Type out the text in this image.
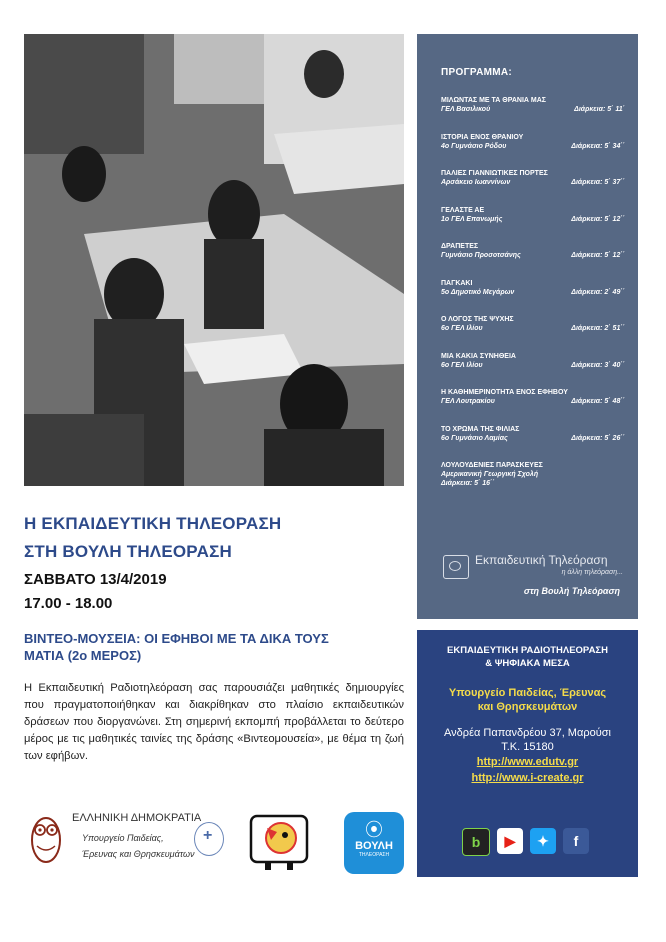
ΠΡΟΓΡΑΜΜΑ:
ΜΙΛΩΝΤΑΣ ΜΕ ΤΑ ΘΡΑΝΙΑ ΜΑΣ
ΓΕΛ Βασιλικού	Διάρκεια: 5΄ 11΄
ΙΣΤΟΡΙΑ ΕΝΟΣ ΘΡΑΝΙΟΥ
4ο Γυμνάσιο Ρόδου	Διάρκεια: 5΄ 34΄΄
ΠΑΛΙΕΣ ΓΙΑΝΝΙΩΤΙΚΕΣ ΠΟΡΤΕΣ
Αρσάκειο Ιωαννίνων	Διάρκεια: 5΄ 37΄΄
ΓΕΛΑΣΤΕ ΑΕ
1ο ΓΕΛ Επανωμής	Διάρκεια: 5΄ 12΄΄
ΔΡΑΠΕΤΕΣ
Γυμνάσιο Προσοτσάνης	Διάρκεια: 5΄ 12΄΄
ΠΑΓΚΑΚΙ
5ο Δημοτικό Μεγάρων	Διάρκεια: 2΄ 49΄΄
Ο ΛΟΓΟΣ ΤΗΣ ΨΥΧΗΣ
6ο ΓΕΛ Ιλίου	Διάρκεια: 2΄ 51΄΄
ΜΙΑ ΚΑΚΙΑ ΣΥΝΗΘΕΙΑ
6ο ΓΕΛ Ιλίου	Διάρκεια: 3΄ 40΄΄
Η ΚΑΘΗΜΕΡΙΝΟΤΗΤΑ ΕΝΟΣ ΕΦΗΒΟΥ
ΓΕΛ Λουτρακίου	Διάρκεια: 5΄ 48΄΄
ΤΟ ΧΡΩΜΑ ΤΗΣ ΦΙΛΙΑΣ
6ο Γυμνάσιο Λαμίας	Διάρκεια: 5΄ 26΄΄
ΛΟΥΛΟΥΔΕΝΙΕΣ ΠΑΡΑΣΚΕΥΕΣ
Αμερικανική Γεωργική Σχολή
Διάρκεια: 5΄ 16΄΄
Εκπαιδευτική Τηλεόραση
η άλλη τηλεόραση...
στη Βουλή Τηλεόραση
Η ΕΚΠΑΙΔΕΥΤΙΚΗ ΤΗΛΕΟΡΑΣΗ
ΣΤΗ ΒΟΥΛΗ ΤΗΛΕΟΡΑΣΗ
ΣΑΒΒΑΤΟ 13/4/2019
17.00 - 18.00
ΒΙΝΤΕΟ-ΜΟΥΣΕΙΑ: ΟΙ ΕΦΗΒΟΙ ΜΕ ΤΑ ΔΙΚΑ ΤΟΥΣ
ΜΑΤΙΑ (2ο ΜΕΡΟΣ)
Η Εκπαιδευτική Ραδιοτηλεόραση σας παρουσιάζει μαθητικές δημιουργίες που πραγματοποιήθηκαν και διακρίθηκαν στο πλαίσιο εκπαιδευτικών δράσεων που διοργανώνει. Στη σημερινή εκπομπή προβάλλεται το δεύτερο μέρος με τις μαθητικές ταινίες της δράσης «Βιντεομουσεία», με θέμα τη ζωή των εφήβων.
ΕΛΛΗΝΙΚΗ ΔΗΜΟΚΡΑΤΙΑ
Υπουργείο Παιδείας,
Έρευνας και Θρησκευμάτων
+
⦿
ΒΟΥΛΗ
ΤΗΛΕΟΡΑΣΗ
ΕΚΠΑΙΔΕΥΤΙΚΗ ΡΑΔΙΟΤΗΛΕΟΡΑΣΗ
& ΨΗΦΙΑΚΑ ΜΕΣΑ
Υπουργείο Παιδείας, Έρευνας
και Θρησκευμάτων
Ανδρέα Παπανδρέου 37, Μαρούσι
Τ.Κ. 15180
http://www.edutv.gr
http://www.i-create.gr
b	▶	✦	f
